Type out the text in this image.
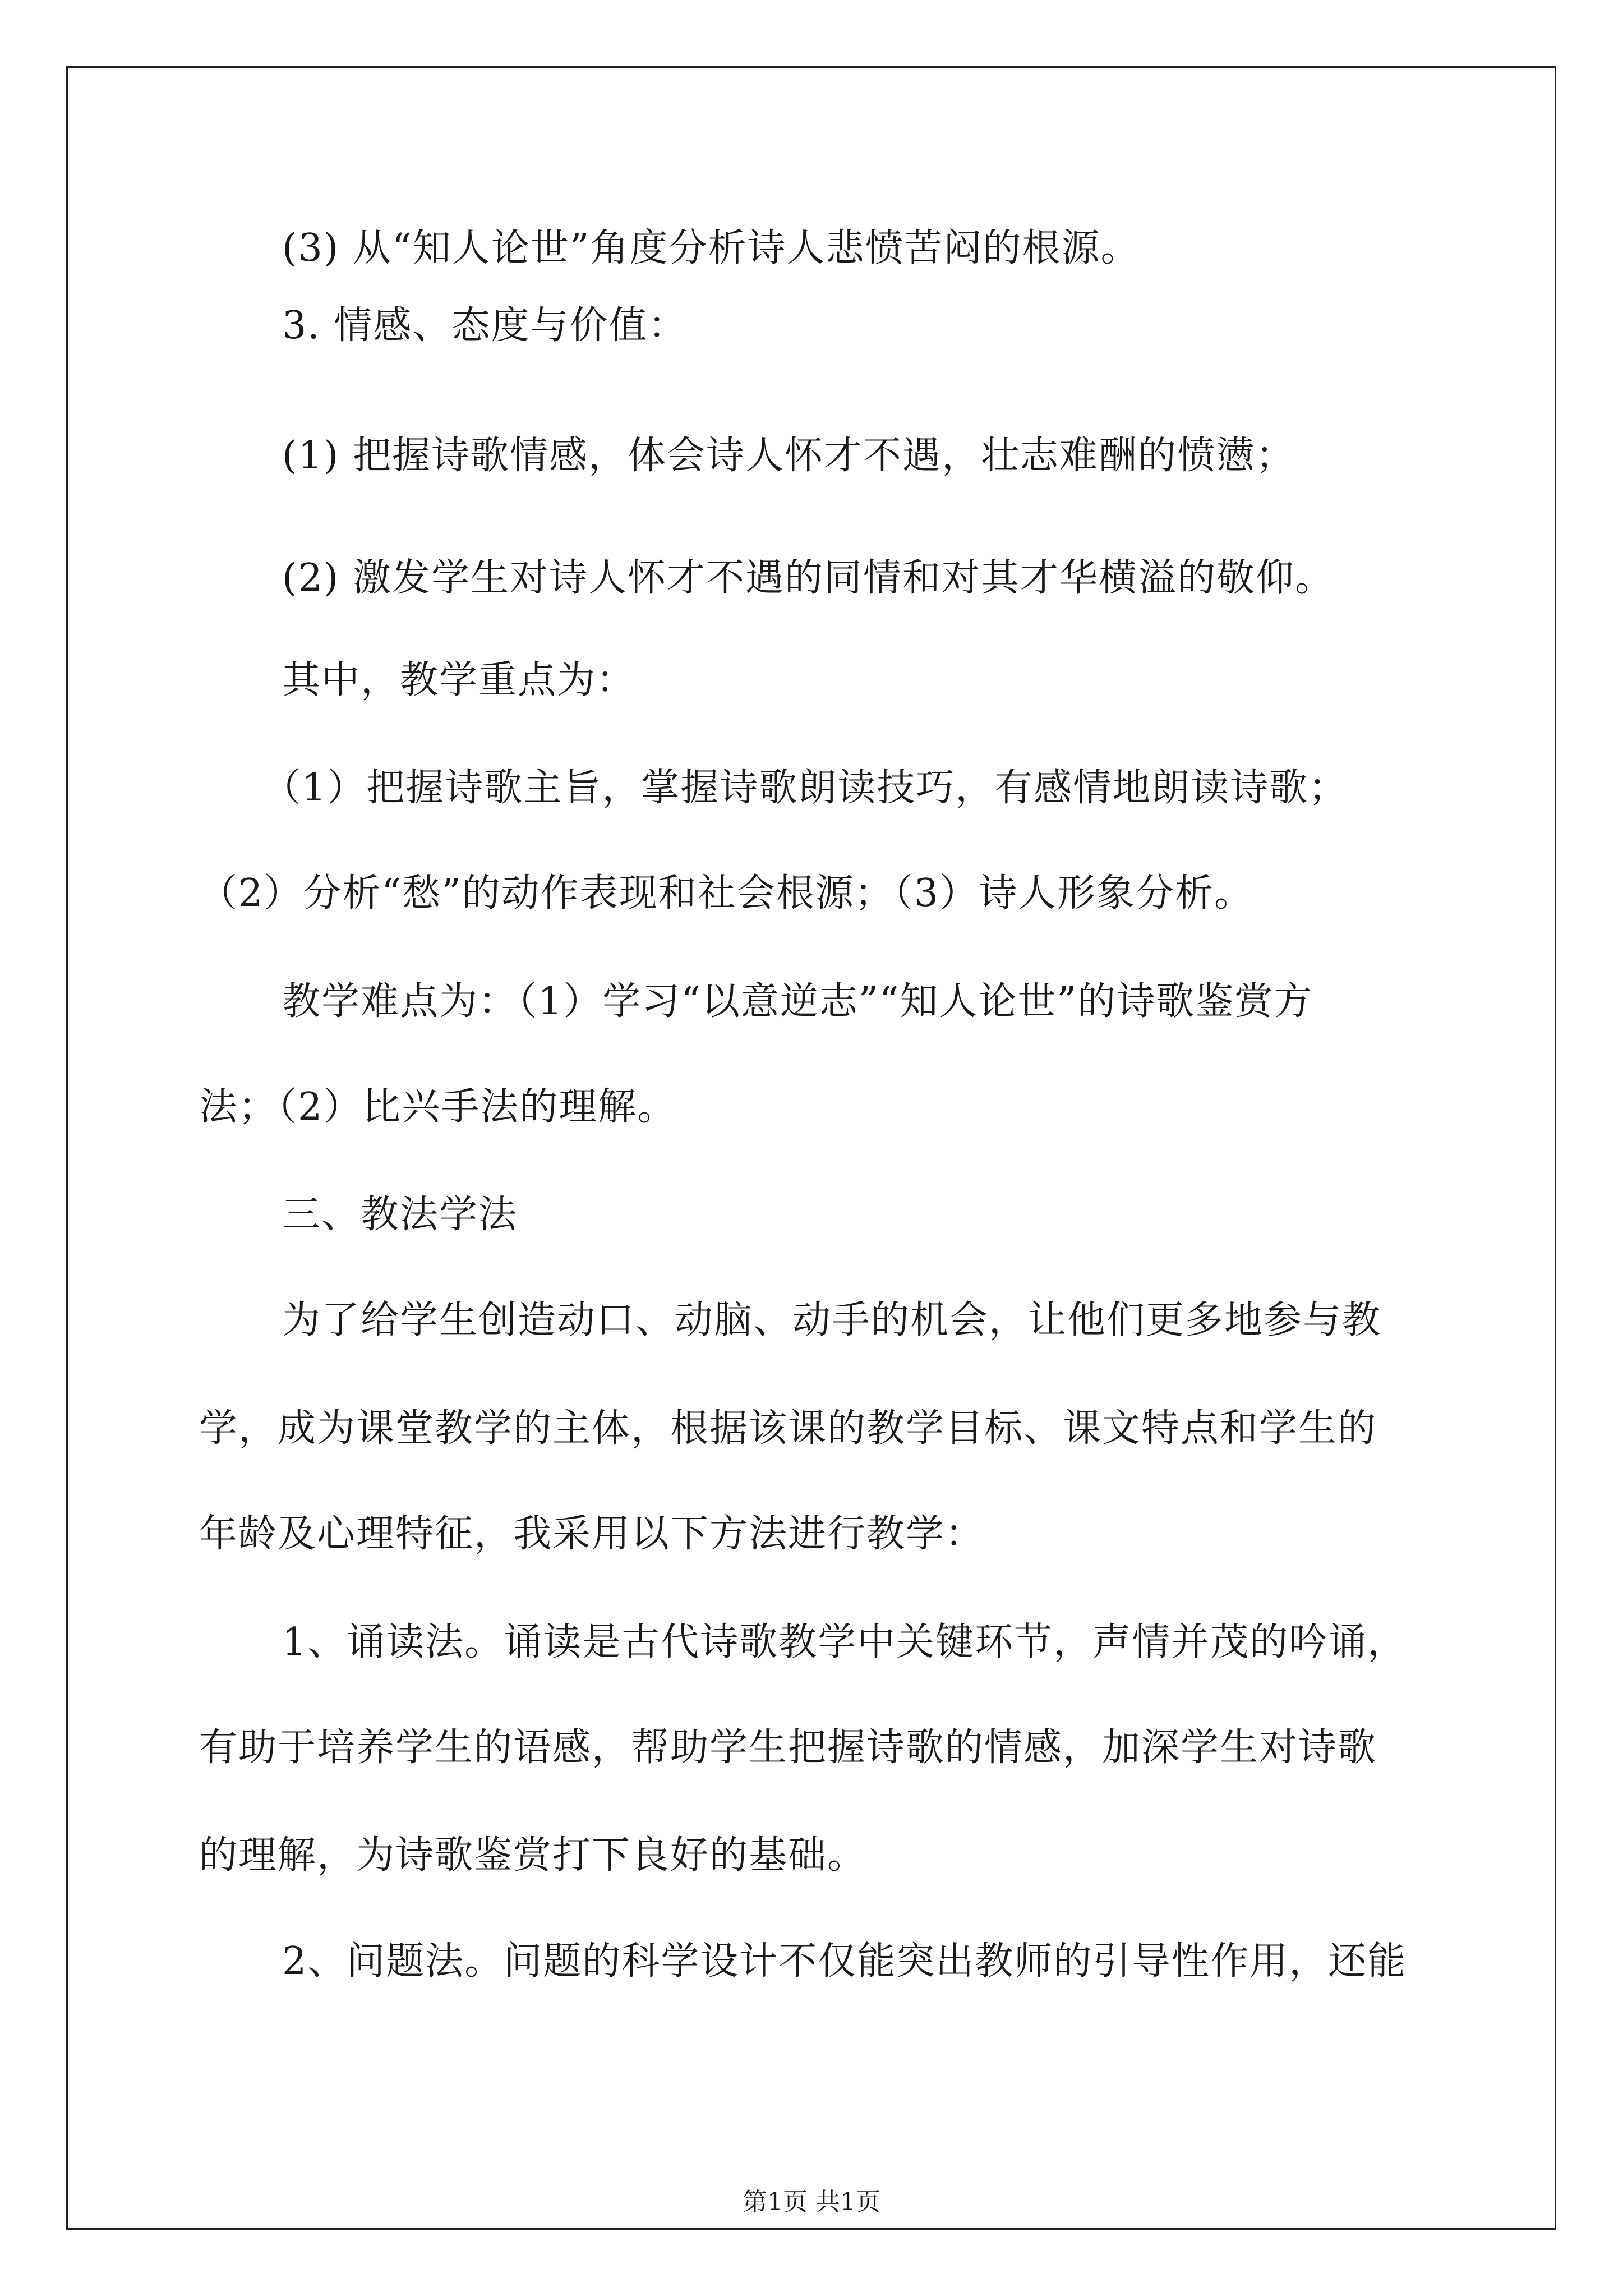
(3) 从“知人论世”角度分析诗人悲愤苦闷的根源。
3. 情感、态度与价值：
(1) 把握诗歌情感，体会诗人怀才不遇，壮志难酬的愤懑；
(2) 激发学生对诗人怀才不遇的同情和对其才华横溢的敬仰。
其中，教学重点为：
（1）把握诗歌主旨，掌握诗歌朗读技巧，有感情地朗读诗歌；
（2）分析“愁”的动作表现和社会根源；（3）诗人形象分析。
教学难点为：（1）学习“以意逆志”“知人论世”的诗歌鉴赏方
法；（2）比兴手法的理解。
三、教法学法
为了给学生创造动口、动脑、动手的机会，让他们更多地参与教
学，成为课堂教学的主体，根据该课的教学目标、课文特点和学生的
年龄及心理特征，我采用以下方法进行教学：
1、诵读法。诵读是古代诗歌教学中关键环节，声情并茂的吟诵，
有助于培养学生的语感，帮助学生把握诗歌的情感，加深学生对诗歌
的理解，为诗歌鉴赏打下良好的基础。
2、问题法。问题的科学设计不仅能突出教师的引导性作用，还能
第1页 共1页
